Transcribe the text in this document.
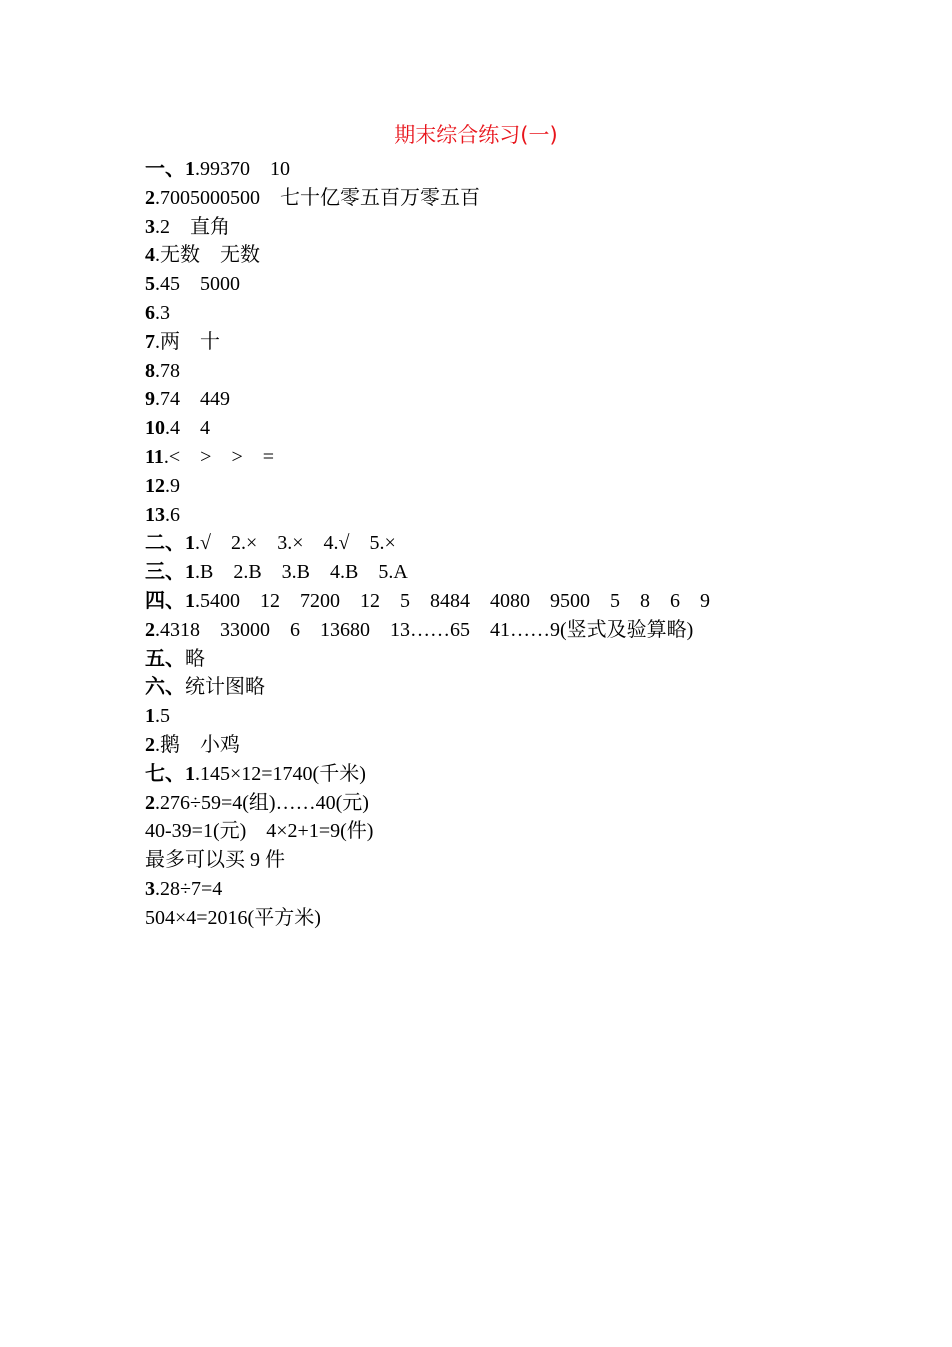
期末综合练习(一)
一、1.99370　10
2.7005000500　七十亿零五百万零五百
3.2　直角
4.无数　无数
5.45　5000
6.3
7.两　十
8.78
9.74　449
10.4　4
11.<　>　>　=
12.9
13.6
二、1.√　2.×　3.×　4.√　5.×
三、1.B　2.B　3.B　4.B　5.A
四、1.5400　12　7200　12　5　8484　4080　9500　5　8　6　9
2.4318　33000　6　13680　13……65　41……9(竖式及验算略)
五、略
六、统计图略
1.5
2.鹅　小鸡
七、1.145×12=1740(千米)
2.276÷59=4(组)……40(元)
40-39=1(元)　4×2+1=9(件)
最多可以买 9 件
3.28÷7=4
504×4=2016(平方米)
